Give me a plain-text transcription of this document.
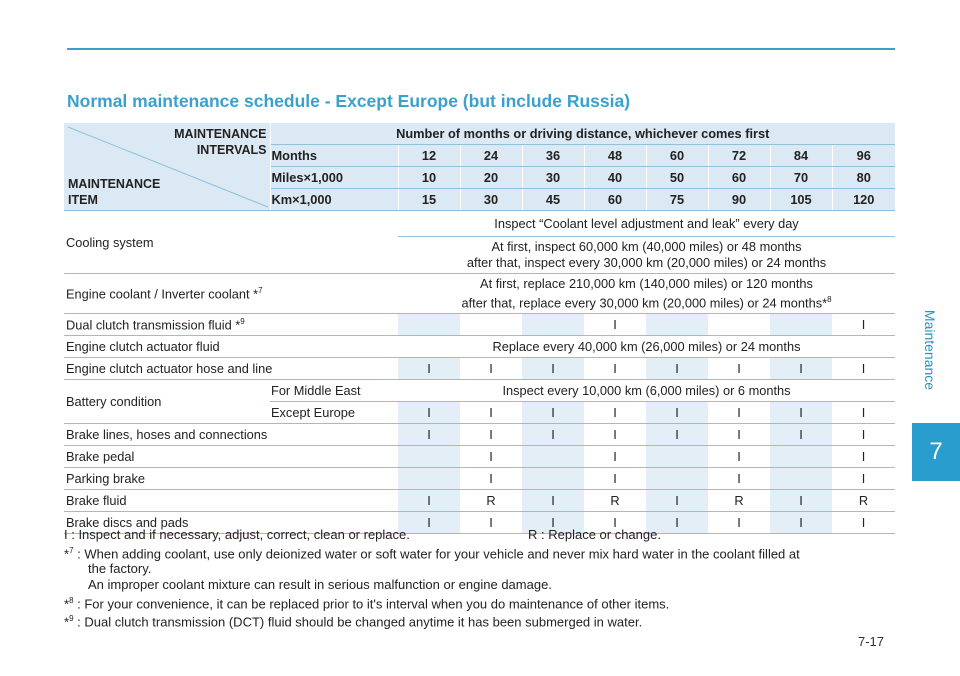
Maintenance
7
Normal maintenance schedule - Except Europe (but include Russia)
MAINTENANCE
INTERVALS
MAINTENANCE
ITEM	Number of months or driving distance, whichever comes first								
	Months	12	24	36	48	60	72	84	96
	Miles×1,000	10	20	30	40	50	60	70	80
	Km×1,000	15	30	45	60	75	90	105	120
Cooling system		Inspect “Coolant level adjustment and leak” every day							

		At first, inspect 60,000 km (40,000 miles) or 48 months
after that, inspect every 30,000 km (20,000 miles) or 24 months							

Engine coolant / Inverter coolant *$^7$		At first, replace 210,000 km (140,000 miles) or 120 months
after that, replace every 30,000 km (20,000 miles) or 24 months*$^8$

Dual clutch transmission fluid *$^9$					I				I
Engine clutch actuator fluid		Replace every 40,000 km (26,000 miles) or 24 months							
Engine clutch actuator hose and line		I	I	I	I	I	I	I	I
Battery condition	For Middle East	Inspect every 10,000 km (6,000 miles) or 6 months							
	Except Europe	I	I	I	I	I	I	I	I
Brake lines, hoses and connections		I	I	I	I	I	I	I	I
Brake pedal			I		I		I		I
Parking brake			I		I		I		I
Brake fluid		I	R	I	R	I	R	I	R
Brake discs and pads		I	I	I	I	I	I	I	I
I : Inspect and if necessary, adjust, correct, clean or replace.	R : Replace or change.
*$^7$ : When adding coolant, use only deionized water or soft water for your vehicle and never mix hard water in the coolant filled at
the factory.
An improper coolant mixture can result in serious malfunction or engine damage.
*$^8$ : For your convenience, it can be replaced prior to it's interval when you do maintenance of other items.
*$^9$ : Dual clutch transmission (DCT) fluid should be changed anytime it has been submerged in water.
7-17
